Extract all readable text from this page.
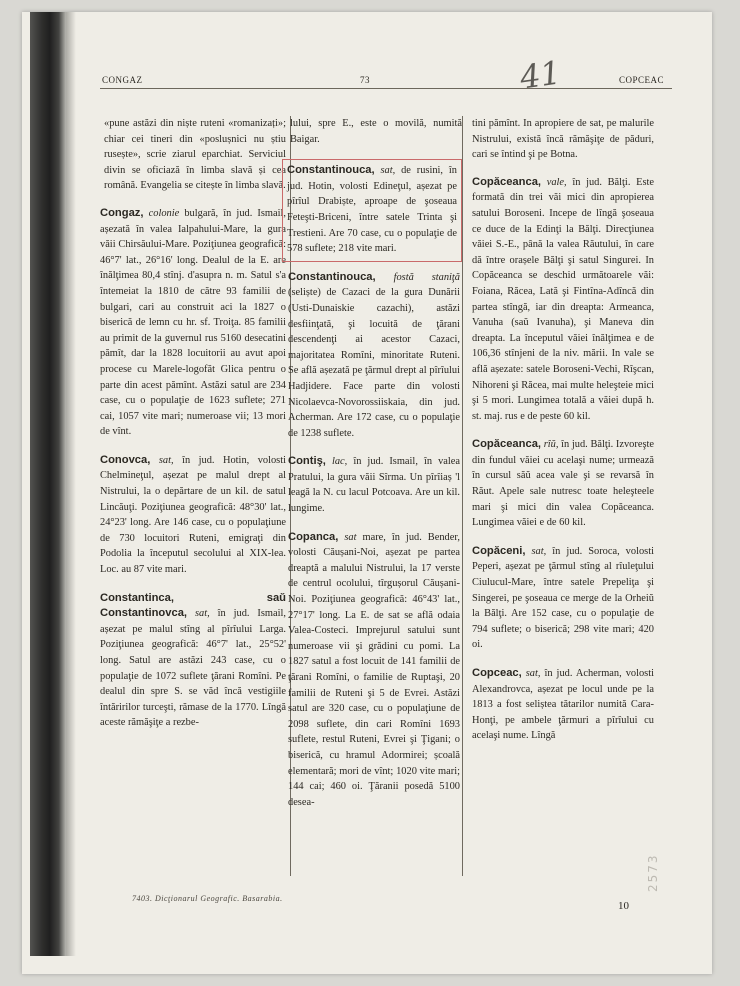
CONGAZ	73	COPCEAC
41

«pune astăzi din niște ruteni «romanizați»; chiar cei tineri din «poslușnici nu știu rusește», scrie ziarul eparchiat. Serviciul divin se oficiază în limba slavă și cea română. Evangelia se citește în limba slavă.

Congaz, colonie bulgară, în jud. Ismail, așezată în valea Ialpahului-Mare, la gura văii Chirsăului-Mare. Poziţiunea geografică: 46°7' lat., 26°16' long. Dealul de la E. are înălţimea 80,4 stînj. d'asupra n. m. Satul s'a întemeiat la 1810 de către 93 familii de bulgari, cari au construit aci la 1827 o biserică de lemn cu hr. sf. Troiţa. 85 familii au primit de la guvernul rus 5160 desecatini pămît, dar la 1828 locuitorii au avut apoi procese cu Marele-logofăt Glica pentru o parte din acest pămînt. Astăzi satul are 234 case, cu o populaţie de 1623 suflete; 271 cai, 1057 vite mari; numeroase vii; 13 mori de vînt.
Conovca, sat, în jud. Hotin, volosti Chelmineţul, așezat pe malul drept al Nistrului, la o depărtare de un kil. de satul Lincăuţi. Poziţiunea geografică: 48°30' lat., 24°23' long. Are 146 case, cu o populaţiune de 730 locuitori Ruteni, emigraţi din Podolia la începutul secolului al XIX-lea. Loc. au 87 vite mari.
Constantinca, saŭ Constantinovca, sat, în jud. Ismail, așezat pe malul stîng al pîrîului Larga. Poziţiunea geografică: 46°7' lat., 25°52' long. Satul are astăzi 243 case, cu o populaţie de 1072 suflete ţărani Romîni. Pe dealul din spre S. se văd încă vestigiile întăririlor turceşti, rămase de la 1770. Lîngă aceste rămăşiţe a rezbe-

lului, spre E., este o movilă, numită Baigar.

Constantinouca, sat, de rusini, în jud. Hotin, volosti Edineţul, așezat pe pîrîul Drabiște, aproape de şoseaua Feteşti-Briceni, între satele Trinta şi Trestieni. Are 70 case, cu o populaţie de 578 suflete; 218 vite mari.
Constantinouca, fostă staniţă (seliște) de Cazaci de la gura Dunării (Usti-Dunaiskie cazachi), astăzi desfiinţată, şi locuită de ţărani descendenţi ai acestor Cazaci, majoritatea Romîni, minoritate Ruteni. Se află așezată pe ţărmul drept al pîrîului Hadjidere. Face parte din volosti Nicolaevca-Novorossiiskaia, din jud. Acherman. Are 172 case, cu o populaţie de 1238 suflete.
Contiş, lac, în jud. Ismail, în valea Pratului, la gura văii Sîrma. Un pîrîiaș 'l leagă la N. cu lacul Potcoava. Are un kil. lungime.
Copanca, sat mare, în jud. Bender, volosti Căușani-Noi, așezat pe partea dreaptă a malului Nistrului, la 17 verste de centrul ocolului, tîrgușorul Căușani-Noi. Poziţiunea geografică: 46°43' lat., 27°17' long. La E. de sat se află odaia Valea-Costeci. Imprejurul satului sunt numeroase vii şi grădini cu pomi. La 1827 satul a fost locuit de 141 familii de ţărani Romîni, o familie de Ruptaşi, 20 familii de Ruteni şi 5 de Evrei. Astăzi satul are 320 case, cu o populaţiune de 2098 suflete, din cari Romîni 1693 suflete, restul Ruteni, Evrei şi Ţigani; o biserică, cu hramul Adormirei; școală elementară; mori de vînt; 1020 vite mari; 144 cai; 460 oi. Ţăranii posedă 5100 desea-

tini pămînt. In apropiere de sat, pe malurile Nistrului, există încă rămăşiţe de păduri, cari se întind şi pe Botna.

Copăceanca, vale, în jud. Bălţi. Este formată din trei văi mici din apropierea satului Boroseni. Incepe de lîngă şoseaua ce duce de la Edinţi la Bălţi. Direcţiunea văiei S.-E., până la valea Răutului, în care dă între orașele Bălţi şi satul Singurei. In Copăceanca se deschid următoarele văi: Foiana, Răcea, Lată şi Fintîna-Adîncă din partea stîngă, iar din dreapta: Armeanca, Vanuha (saŭ Ivanuha), şi Maneva din dreapta. La începutul văiei înălţimea e de 106,36 stînjeni de la niv. mării. In vale se află așezate: satele Boroseni-Vechi, Rîşcan, Nihoreni şi Răcea, mai multe heleşteie mici şi 5 mori. Lungimea totală a văiei după h. st. maj. rus e de peste 60 kil.
Copăceanca, rîŭ, în jud. Bălţi. Izvoreşte din fundul văiei cu acelaşi nume; urmează în cursul săŭ acea vale şi se revarsă în Răut. Apele sale nutresc toate heleşteele mari şi mici din valea Copăceanca. Lungimea văiei e de 60 kil.
Copăceni, sat, în jud. Soroca, volosti Peperi, așezat pe ţărmul stîng al rîuleţului Ciulucul-Mare, între satele Prepeliţa şi Singerei, pe şoseaua ce merge de la Orheiŭ la Bălţi. Are 152 case, cu o populaţie de 794 suflete; o biserică; 298 vite mari; 420 oi.
Copceac, sat, în jud. Acherman, volosti Alexandrovca, așezat pe locul unde pe la 1813 a fost seliștea tătarilor numită Cara-Honţi, pe ambele ţărmuri a pîrîului cu acelaşi nume. Lîngă
7403. Dicţionarul Geografic. Basarabia.
10
2573
